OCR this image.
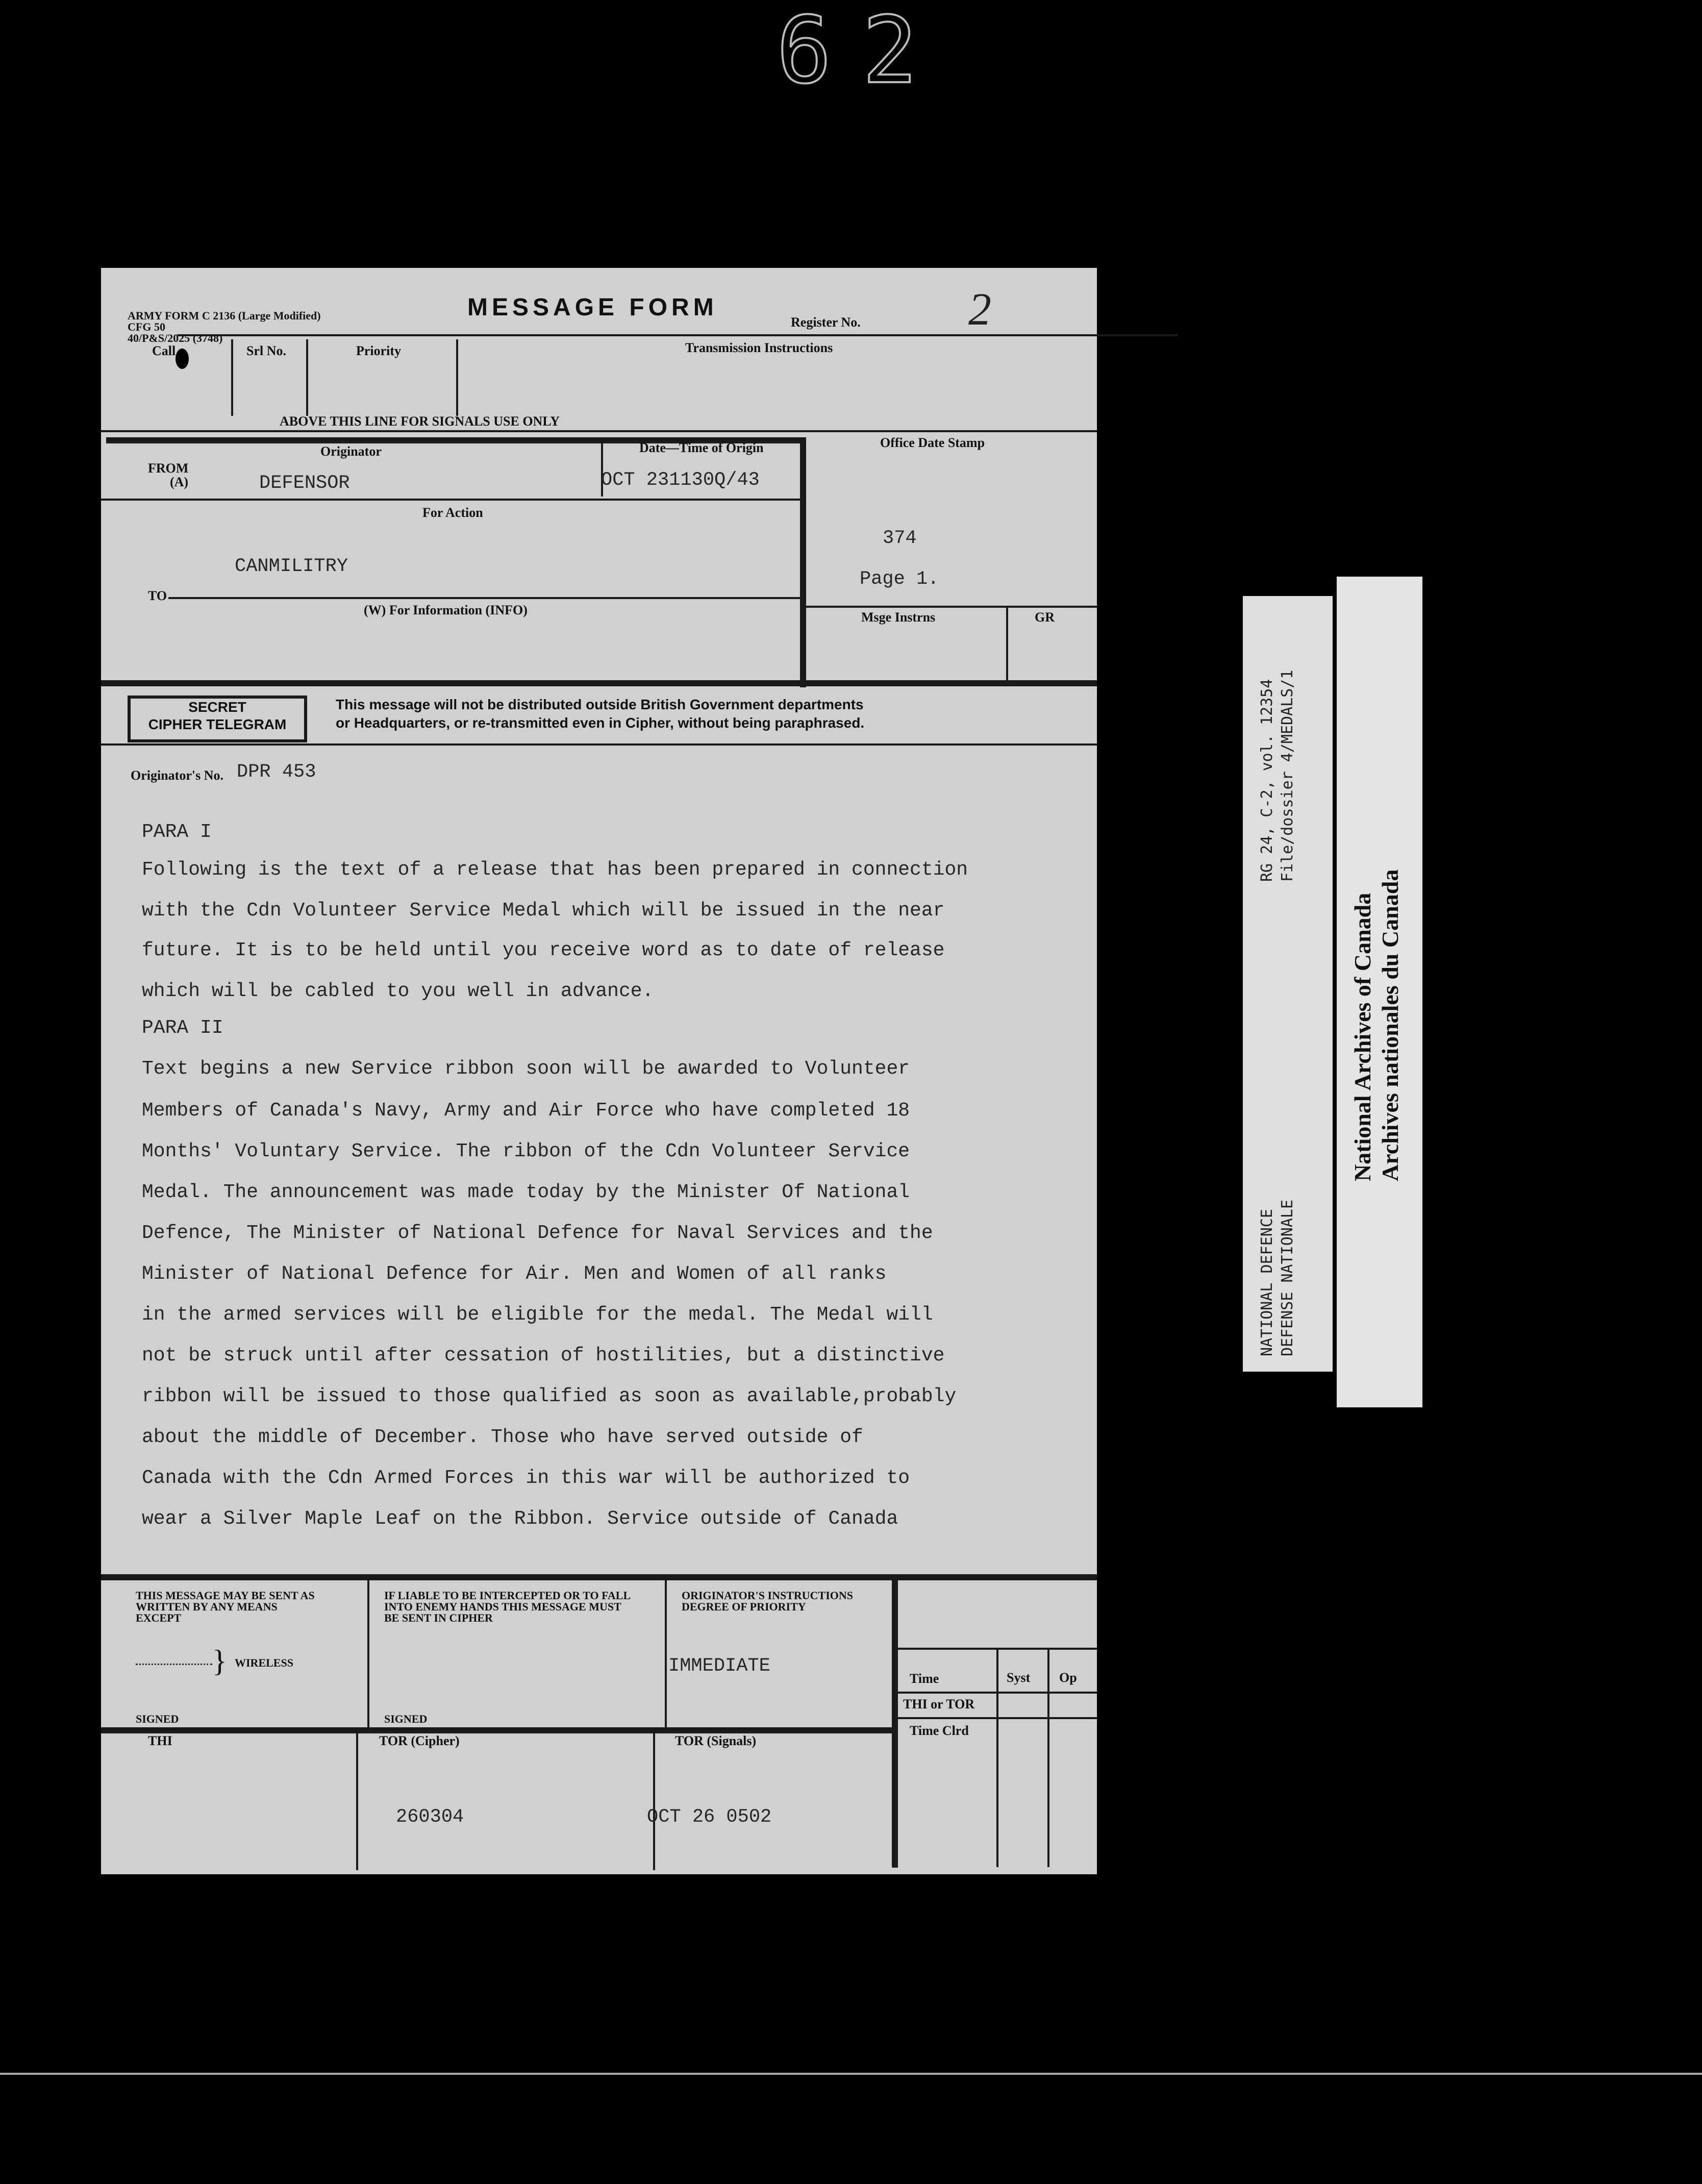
62
ARMY FORM C 2136 (Large Modified)
CFG 50
40/P&S/2025 (3748)
MESSAGE FORM
Register No. 2
Call	Srl No.	Priority	Transmission Instructions
ABOVE THIS LINE FOR SIGNALS USE ONLY
Originator	Date—Time of Origin
FROM
(A)	DEFENSOR	OCT 231130Q/43
For Action
CANMILITRY
TO
(W) For Information (INFO)
Office Date Stamp
374
Page 1.
Msge Instrns	GR
SECRET
CIPHER TELEGRAM
This message will not be distributed outside British Government departments
or Headquarters, or re-transmitted even in Cipher, without being paraphrased.
Originator's No. DPR 453
PARA I
Following is the text of a release that has been prepared in connection
with the Cdn Volunteer Service Medal which will be issued in the near
future. It is to be held until you receive word as to date of release
which will be cabled to you well in advance.
PARA II
Text begins a new Service ribbon soon will be awarded to Volunteer
Members of Canada's Navy, Army and Air Force who have completed 18
Months' Voluntary Service. The ribbon of the Cdn Volunteer Service
Medal. The announcement was made today by the Minister Of National
Defence, The Minister of National Defence for Naval Services and the
Minister of National Defence for Air. Men and Women of all ranks
in the armed services will be eligible for the medal. The Medal will
not be struck until after cessation of hostilities, but a distinctive
ribbon will be issued to those qualified as soon as available,probably
about the middle of December. Those who have served outside of
Canada with the Cdn Armed Forces in this war will be authorized to
wear a Silver Maple Leaf on the Ribbon. Service outside of Canada
THIS MESSAGE MAY BE SENT AS
WRITTEN BY ANY MEANS
EXCEPT
} WIRELESS
SIGNED
IF LIABLE TO BE INTERCEPTED OR TO FALL
INTO ENEMY HANDS THIS MESSAGE MUST
BE SENT IN CIPHER
SIGNED
ORIGINATOR'S INSTRUCTIONS
DEGREE OF PRIORITY
IMMEDIATE
THI	TOR (Cipher)
260304
TOR (Signals)
OCT 26 0502
Time	Syst Op
THI or TOR
Time Clrd
RG 24, C-2, vol. 12354 File/dossier 4/MEDALS/1
NATIONAL DEFENCE DEFENSE NATIONALE
National Archives of Canada Archives nationales du Canada
